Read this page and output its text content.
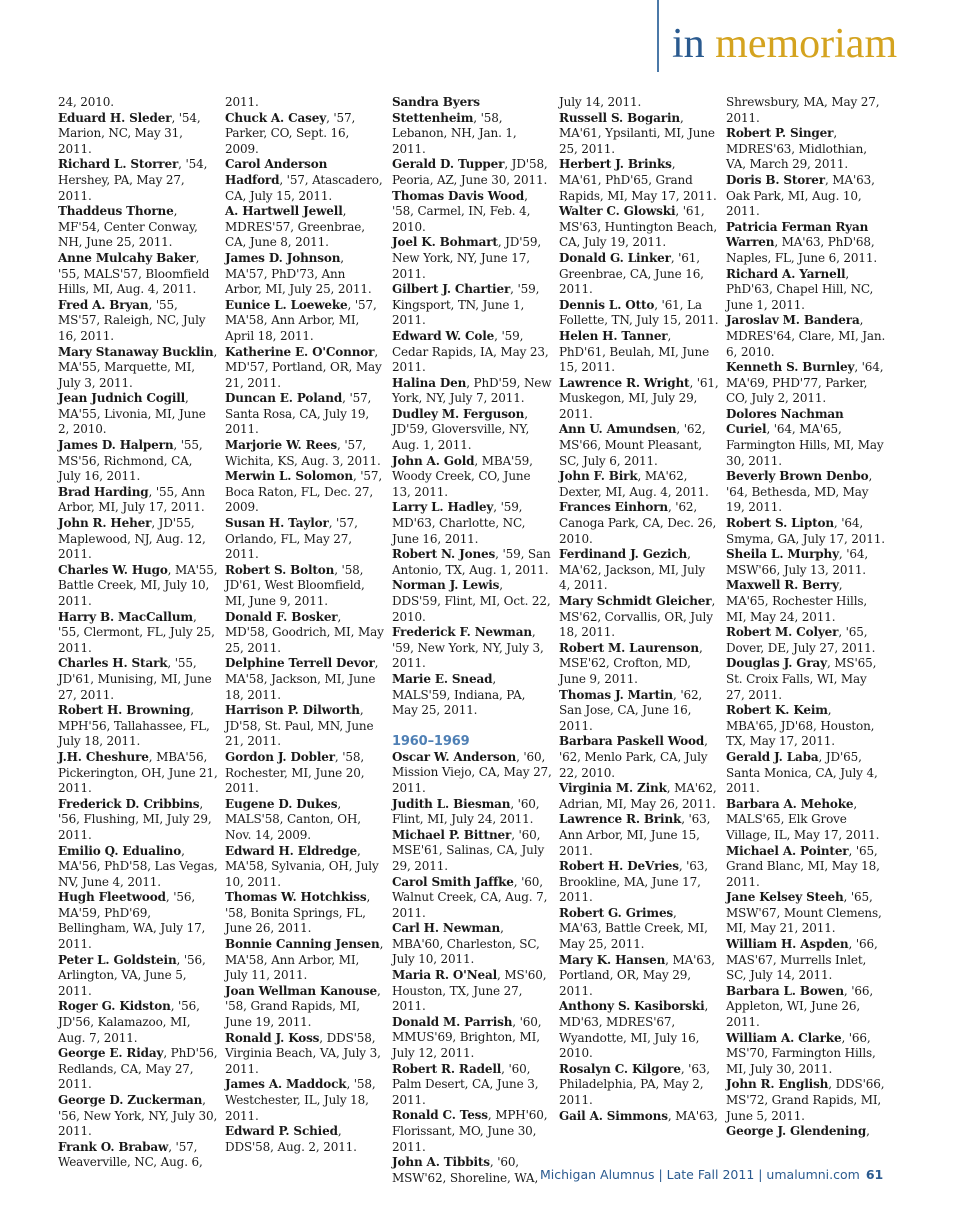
in memoriam
24, 2010.
Eduard H. Sleder, '54, Marion, NC, May 31, 2011.
Richard L. Storrer, '54, Hershey, PA, May 27, 2011.
Thaddeus Thorne, MF'54, Center Conway, NH, June 25, 2011.
Anne Mulcahy Baker, '55, MALS'57, Bloomfield Hills, MI, Aug. 4, 2011.
Fred A. Bryan, '55, MS'57, Raleigh, NC, July 16, 2011.
Mary Stanaway Bucklin, MA'55, Marquette, MI, July 3, 2011.
Jean Judnich Cogill, MA'55, Livonia, MI, June 2, 2010.
James D. Halpern, '55, MS'56, Richmond, CA, July 16, 2011.
Brad Harding, '55, Ann Arbor, MI, July 17, 2011.
John R. Heher, JD'55, Maplewood, NJ, Aug. 12, 2011.
Charles W. Hugo, MA'55, Battle Creek, MI, July 10, 2011.
Harry B. MacCallum, '55, Clermont, FL, July 25, 2011.
Charles H. Stark, '55, JD'61, Munising, MI, June 27, 2011.
Robert H. Browning, MPH'56, Tallahassee, FL, July 18, 2011.
J.H. Cheshure, MBA'56, Pickerington, OH, June 21, 2011.
Frederick D. Cribbins, '56, Flushing, MI, July 29, 2011.
Emilio Q. Edualino, MA'56, PhD'58, Las Vegas, NV, June 4, 2011.
Hugh Fleetwood, '56, MA'59, PhD'69, Bellingham, WA, July 17, 2011.
Peter L. Goldstein, '56, Arlington, VA, June 5, 2011.
Roger G. Kidston, '56, JD'56, Kalamazoo, MI, Aug. 7, 2011.
George E. Riday, PhD'56, Redlands, CA, May 27, 2011.
George D. Zuckerman, '56, New York, NY, July 30, 2011.
Frank O. Brabaw, '57, Weaverville, NC, Aug. 6,
2011.
Chuck A. Casey, '57, Parker, CO, Sept. 16, 2009.
Carol Anderson Hadford, '57, Atascadero, CA, July 15, 2011.
A. Hartwell Jewell, MDRES'57, Greenbrae, CA, June 8, 2011.
James D. Johnson, MA'57, PhD'73, Ann Arbor, MI, July 25, 2011.
Eunice L. Loeweke, '57, MA'58, Ann Arbor, MI, April 18, 2011.
Katherine E. O'Connor, MD'57, Portland, OR, May 21, 2011.
Duncan E. Poland, '57, Santa Rosa, CA, July 19, 2011.
Marjorie W. Rees, '57, Wichita, KS, Aug. 3, 2011.
Merwin L. Solomon, '57, Boca Raton, FL, Dec. 27, 2009.
Susan H. Taylor, '57, Orlando, FL, May 27, 2011.
Robert S. Bolton, '58, JD'61, West Bloomfield, MI, June 9, 2011.
Donald F. Bosker, MD'58, Goodrich, MI, May 25, 2011.
Delphine Terrell Devor, MA'58, Jackson, MI, June 18, 2011.
Harrison P. Dilworth, JD'58, St. Paul, MN, June 21, 2011.
Gordon J. Dobler, '58, Rochester, MI, June 20, 2011.
Eugene D. Dukes, MALS'58, Canton, OH, Nov. 14, 2009.
Edward H. Eldredge, MA'58, Sylvania, OH, July 10, 2011.
Thomas W. Hotchkiss, '58, Bonita Springs, FL, June 26, 2011.
Bonnie Canning Jensen, MA'58, Ann Arbor, MI, July 11, 2011.
Joan Wellman Kanouse, '58, Grand Rapids, MI, June 19, 2011.
Ronald J. Koss, DDS'58, Virginia Beach, VA, July 3, 2011.
James A. Maddock, '58, Westchester, IL, July 18, 2011.
Edward P. Schied, DDS'58, Aug. 2, 2011.
Sandra Byers Stettenheim, '58, Lebanon, NH, Jan. 1, 2011.
Gerald D. Tupper, JD'58, Peoria, AZ, June 30, 2011.
Thomas Davis Wood, '58, Carmel, IN, Feb. 4, 2010.
Joel K. Bohmart, JD'59, New York, NY, June 17, 2011.
Gilbert J. Chartier, '59, Kingsport, TN, June 1, 2011.
Edward W. Cole, '59, Cedar Rapids, IA, May 23, 2011.
Halina Den, PhD'59, New York, NY, July 7, 2011.
Dudley M. Ferguson, JD'59, Gloversville, NY, Aug. 1, 2011.
John A. Gold, MBA'59, Woody Creek, CO, June 13, 2011.
Larry L. Hadley, '59, MD'63, Charlotte, NC, June 16, 2011.
Robert N. Jones, '59, San Antonio, TX, Aug. 1, 2011.
Norman J. Lewis, DDS'59, Flint, MI, Oct. 22, 2010.
Frederick F. Newman, '59, New York, NY, July 3, 2011.
Marie E. Snead, MALS'59, Indiana, PA, May 25, 2011.
1960–1969
Oscar W. Anderson, '60, Mission Viejo, CA, May 27, 2011.
Judith L. Biesman, '60, Flint, MI, July 24, 2011.
Michael P. Bittner, '60, MSE'61, Salinas, CA, July 29, 2011.
Carol Smith Jaffke, '60, Walnut Creek, CA, Aug. 7, 2011.
Carl H. Newman, MBA'60, Charleston, SC, July 10, 2011.
Maria R. O'Neal, MS'60, Houston, TX, June 27, 2011.
Donald M. Parrish, '60, MMUS'69, Brighton, MI, July 12, 2011.
Robert R. Radell, '60, Palm Desert, CA, June 3, 2011.
Ronald C. Tess, MPH'60, Florissant, MO, June 30, 2011.
John A. Tibbits, '60, MSW'62, Shoreline, WA,
July 14, 2011.
Russell S. Bogarin, MA'61, Ypsilanti, MI, June 25, 2011.
Herbert J. Brinks, MA'61, PhD'65, Grand Rapids, MI, May 17, 2011.
Walter C. Glowski, '61, MS'63, Huntington Beach, CA, July 19, 2011.
Donald G. Linker, '61, Greenbrae, CA, June 16, 2011.
Dennis L. Otto, '61, La Follette, TN, July 15, 2011.
Helen H. Tanner, PhD'61, Beulah, MI, June 15, 2011.
Lawrence R. Wright, '61, Muskegon, MI, July 29, 2011.
Ann U. Amundsen, '62, MS'66, Mount Pleasant, SC, July 6, 2011.
John F. Birk, MA'62, Dexter, MI, Aug. 4, 2011.
Frances Einhorn, '62, Canoga Park, CA, Dec. 26, 2010.
Ferdinand J. Gezich, MA'62, Jackson, MI, July 4, 2011.
Mary Schmidt Gleicher, MS'62, Corvallis, OR, July 18, 2011.
Robert M. Laurenson, MSE'62, Crofton, MD, June 9, 2011.
Thomas J. Martin, '62, San Jose, CA, June 16, 2011.
Barbara Paskell Wood, '62, Menlo Park, CA, July 22, 2010.
Virginia M. Zink, MA'62, Adrian, MI, May 26, 2011.
Lawrence R. Brink, '63, Ann Arbor, MI, June 15, 2011.
Robert H. DeVries, '63, Brookline, MA, June 17, 2011.
Robert G. Grimes, MA'63, Battle Creek, MI, May 25, 2011.
Mary K. Hansen, MA'63, Portland, OR, May 29, 2011.
Anthony S. Kasiborski, MD'63, MDRES'67, Wyandotte, MI, July 16, 2010.
Rosalyn C. Kilgore, '63, Philadelphia, PA, May 2, 2011.
Gail A. Simmons, MA'63,
Shrewsbury, MA, May 27, 2011.
Robert P. Singer, MDRES'63, Midlothian, VA, March 29, 2011.
Doris B. Storer, MA'63, Oak Park, MI, Aug. 10, 2011.
Patricia Ferman Ryan Warren, MA'63, PhD'68, Naples, FL, June 6, 2011.
Richard A. Yarnell, PhD'63, Chapel Hill, NC, June 1, 2011.
Jaroslav M. Bandera, MDRES'64, Clare, MI, Jan. 6, 2010.
Kenneth S. Burnley, '64, MA'69, PHD'77, Parker, CO, July 2, 2011.
Dolores Nachman Curiel, '64, MA'65, Farmington Hills, MI, May 30, 2011.
Beverly Brown Denbo, '64, Bethesda, MD, May 19, 2011.
Robert S. Lipton, '64, Smyma, GA, July 17, 2011.
Sheila L. Murphy, '64, MSW'66, July 13, 2011.
Maxwell R. Berry, MA'65, Rochester Hills, MI, May 24, 2011.
Robert M. Colyer, '65, Dover, DE, July 27, 2011.
Douglas J. Gray, MS'65, St. Croix Falls, WI, May 27, 2011.
Robert K. Keim, MBA'65, JD'68, Houston, TX, May 17, 2011.
Gerald J. Laba, JD'65, Santa Monica, CA, July 4, 2011.
Barbara A. Mehoke, MALS'65, Elk Grove Village, IL, May 17, 2011.
Michael A. Pointer, '65, Grand Blanc, MI, May 18, 2011.
Jane Kelsey Steeh, '65, MSW'67, Mount Clemens, MI, May 21, 2011.
William H. Aspden, '66, MAS'67, Murrells Inlet, SC, July 14, 2011.
Barbara L. Bowen, '66, Appleton, WI, June 26, 2011.
William A. Clarke, '66, MS'70, Farmington Hills, MI, July 30, 2011.
John R. English, DDS'66, MS'72, Grand Rapids, MI, June 5, 2011.
George J. Glendening,
Michigan Alumnus | Late Fall 2011 | umalumni.com 61
